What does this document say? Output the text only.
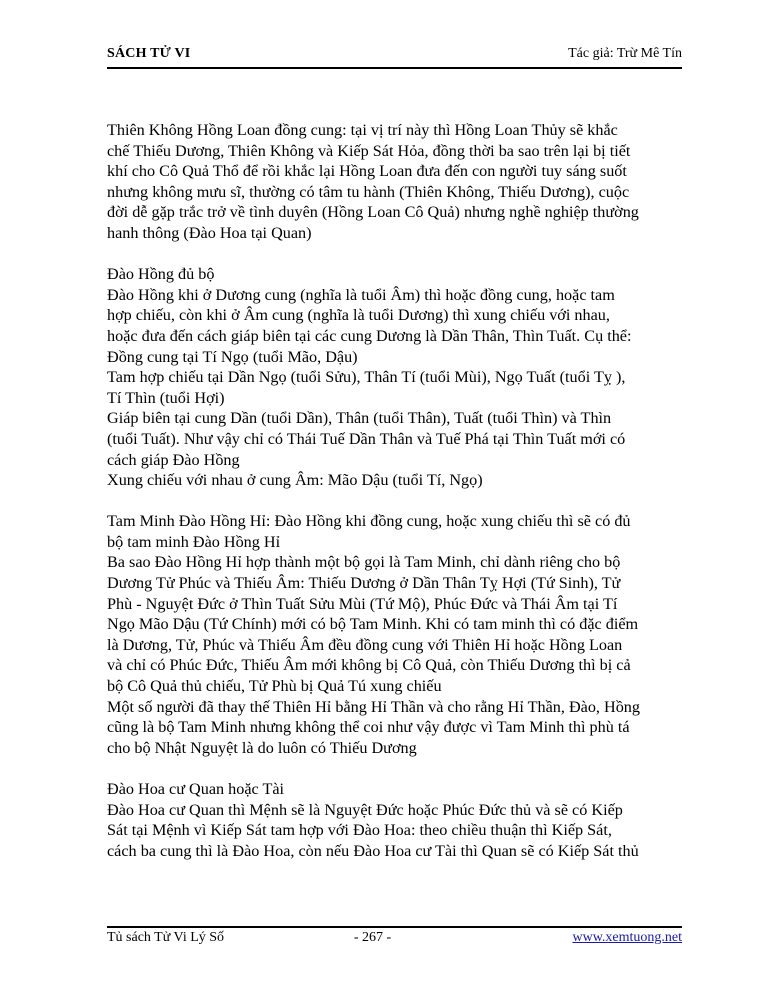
SÁCH TỬ VI	Tác giả: Trừ Mê Tín
Thiên Không Hồng Loan đồng cung: tại vị trí này thì Hồng Loan Thủy sẽ khắc
chế Thiếu Dương, Thiên Không và Kiếp Sát Hỏa, đồng thời ba sao trên lại bị tiết
khí cho Cô Quả Thổ để rồi khắc lại Hồng Loan đưa đến con người tuy sáng suốt
nhưng không mưu sĩ, thường có tâm tu hành (Thiên Không, Thiếu Dương), cuộc
đời dễ gặp trắc trở về tình duyên (Hồng Loan Cô Quả) nhưng nghề nghiệp thường
hanh thông (Đào Hoa tại Quan)
Đào Hồng đủ bộ
Đào Hồng khi ở Dương cung (nghĩa là tuổi Âm) thì hoặc đồng cung, hoặc tam
hợp chiếu, còn khi ở Âm cung (nghĩa là tuổi Dương) thì xung chiếu với nhau,
hoặc đưa đến cách giáp biên tại các cung Dương là Dần Thân, Thìn Tuất. Cụ thể:
Đồng cung tại Tí Ngọ (tuổi Mão, Dậu)
Tam hợp chiếu tại Dần Ngọ (tuổi Sửu), Thân Tí (tuổi Mùi), Ngọ Tuất (tuổi Tỵ ),
Tí Thìn (tuổi Hợi)
Giáp biên tại cung Dần (tuổi Dần), Thân (tuổi Thân), Tuất (tuổi Thìn) và Thìn
(tuổi Tuất). Như vậy chỉ có Thái Tuế Dần Thân và Tuế Phá tại Thìn Tuất mới có
cách giáp Đào Hồng
Xung chiếu với nhau ở cung Âm: Mão Dậu (tuổi Tí, Ngọ)
Tam Minh Đào Hồng Hỉ: Đào Hồng khi đồng cung, hoặc xung chiếu thì sẽ có đủ
bộ tam minh Đào Hồng Hỉ
Ba sao Đào Hồng Hỉ hợp thành một bộ gọi là Tam Minh, chỉ dành riêng cho bộ
Dương Tử Phúc và Thiếu Âm: Thiếu Dương ở Dần Thân Tỵ Hợi (Tứ Sinh), Tử
Phù - Nguyệt Đức ở Thìn Tuất Sửu Mùi (Tứ Mộ), Phúc Đức và Thái Âm tại Tí
Ngọ Mão Dậu (Tứ Chính) mới có bộ Tam Minh. Khi có tam minh thì có đặc điểm
là Dương, Tử, Phúc và Thiếu Âm đều đồng cung với Thiên Hỉ hoặc Hồng Loan
và chỉ có Phúc Đức, Thiếu Âm mới không bị Cô Quả, còn Thiếu Dương thì bị cả
bộ Cô Quả thủ chiếu, Tử Phù bị Quả Tú xung chiếu
Một số người đã thay thế Thiên Hỉ bằng Hỉ Thần và cho rằng Hỉ Thần, Đào, Hồng
cũng là bộ Tam Minh nhưng không thể coi như vậy được vì Tam Minh thì phù tá
cho bộ Nhật Nguyệt là do luôn có Thiếu Dương
Đào Hoa cư Quan hoặc Tài
Đào Hoa cư Quan thì Mệnh sẽ là Nguyệt Đức hoặc Phúc Đức thủ và sẽ có Kiếp
Sát tại Mệnh vì Kiếp Sát tam hợp với Đào Hoa: theo chiều thuận thì Kiếp Sát,
cách ba cung thì là Đào Hoa, còn nếu Đào Hoa cư Tài thì Quan sẽ có Kiếp Sát thủ
Tủ sách Tử Vi Lý Số	- 267 -	www.xemtuong.net
